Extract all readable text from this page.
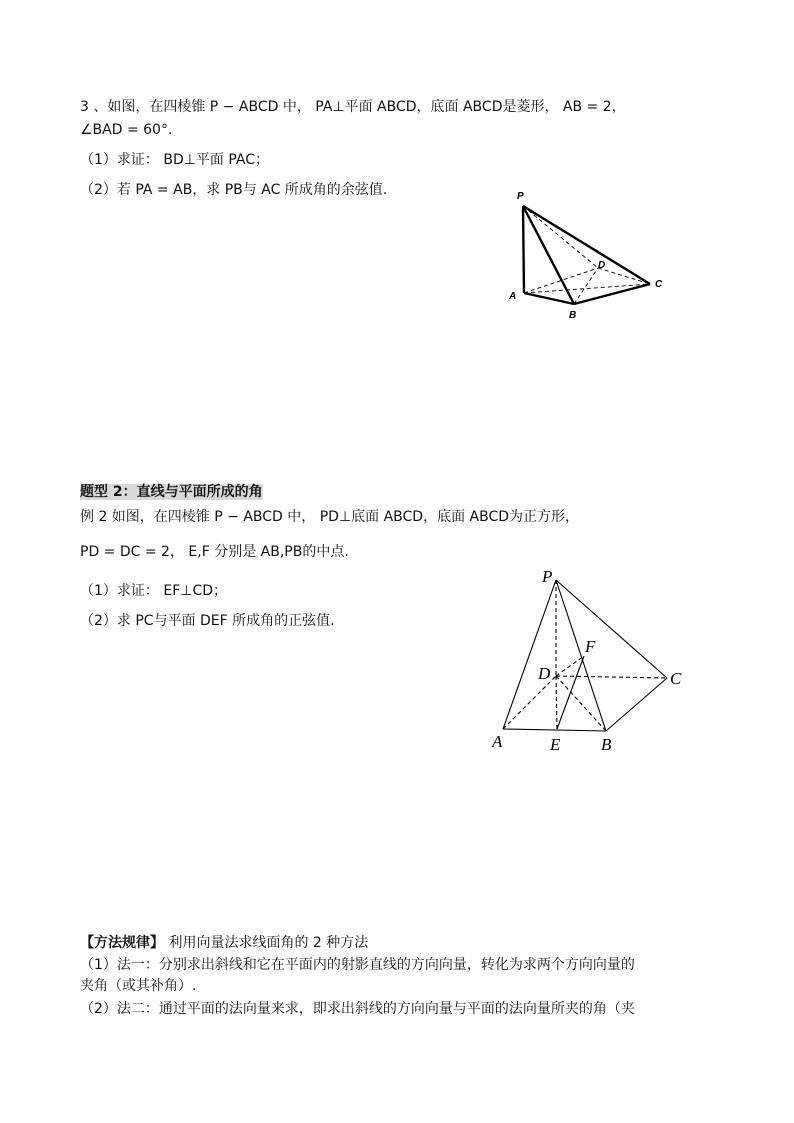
3 、如图，在四棱锥 P − ABCD 中， PA⊥平面 ABCD，底面 ABCD是菱形， AB = 2，
∠BAD = 60°.
（1）求证： BD⊥平面 PAC；
（2）若 PA = AB，求 PB与 AC 所成角的余弦值.	P
A
B
C
D
题型 2：直线与平面所成的角
例 2 如图，在四棱锥 P − ABCD 中， PD⊥底面 ABCD，底面 ABCD为正方形，
PD = DC = 2， E,F 分别是 AB,PB的中点.
（1）求证： EF⊥CD；
（2）求 PC与平面 DEF 所成角的正弦值.
P
A	E B
C
D
F
【方法规律】 利用向量法求线面角的 2 种方法
（1）法一：分别求出斜线和它在平面内的射影直线的方向向量，转化为求两个方向向量的
夹角（或其补角）.
（2）法二：通过平面的法向量来求，即求出斜线的方向向量与平面的法向量所夹的角（夹
